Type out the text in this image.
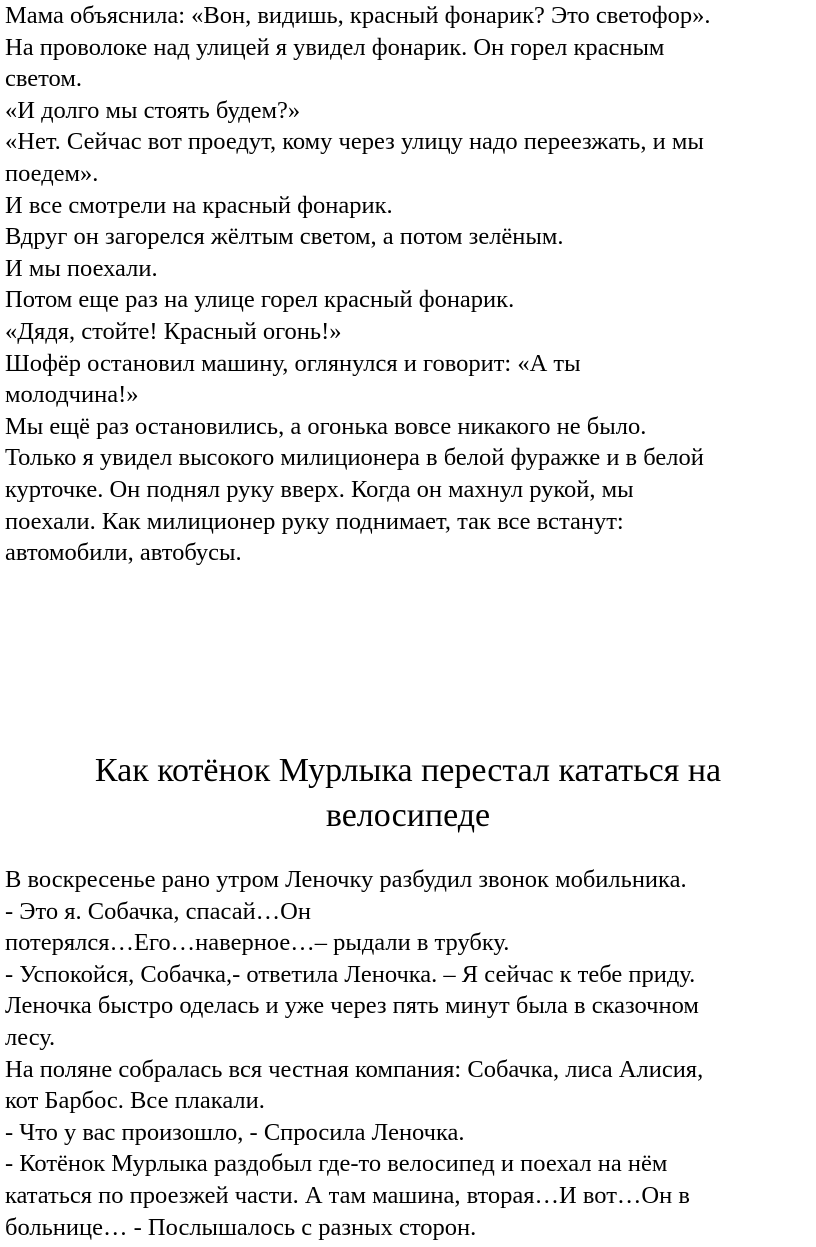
Мама объяснила: «Вон, видишь, красный фонарик? Это светофор».

На проволоке над улицей я увидел фонарик. Он горел красным

светом.

«И долго мы стоять будем?»

«Нет. Сейчас вот проедут, кому через улицу надо переезжать, и мы

поедем».

И все смотрели на красный фонарик.

Вдруг он загорелся жёлтым светом, а потом зелёным.

И мы поехали.

Потом еще раз на улице горел красный фонарик.

«Дядя, стойте! Красный огонь!»

Шофёр остановил машину, оглянулся и говорит: «А ты

молодчина!»

Мы ещё раз остановились, а огонька вовсе никакого не было.

Только я увидел высокого милиционера в белой фуражке и в белой

курточке. Он поднял руку вверх. Когда он махнул рукой, мы

поехали. Как милиционер руку поднимает, так все встанут:

автомобили, автобусы.

Как котёнок Мурлыка перестал кататься на
велосипеде

В воскресенье рано утром Леночку разбудил звонок мобильника.

- Это я. Собачка, спасай…Он

потерялся…Его…наверное…– рыдали в трубку.

- Успокойся, Собачка,- ответила Леночка. – Я сейчас к тебе приду.

Леночка быстро оделась и уже через пять минут была в сказочном

лесу.

На поляне собралась вся честная компания: Собачка, лиса Алисия,

кот Барбос. Все плакали.

- Что у вас произошло, - Спросила Леночка.

- Котёнок Мурлыка раздобыл где-то велосипед и поехал на нём

кататься по проезжей части. А там машина, вторая…И вот…Он в

больнице… - Послышалось с разных сторон.
